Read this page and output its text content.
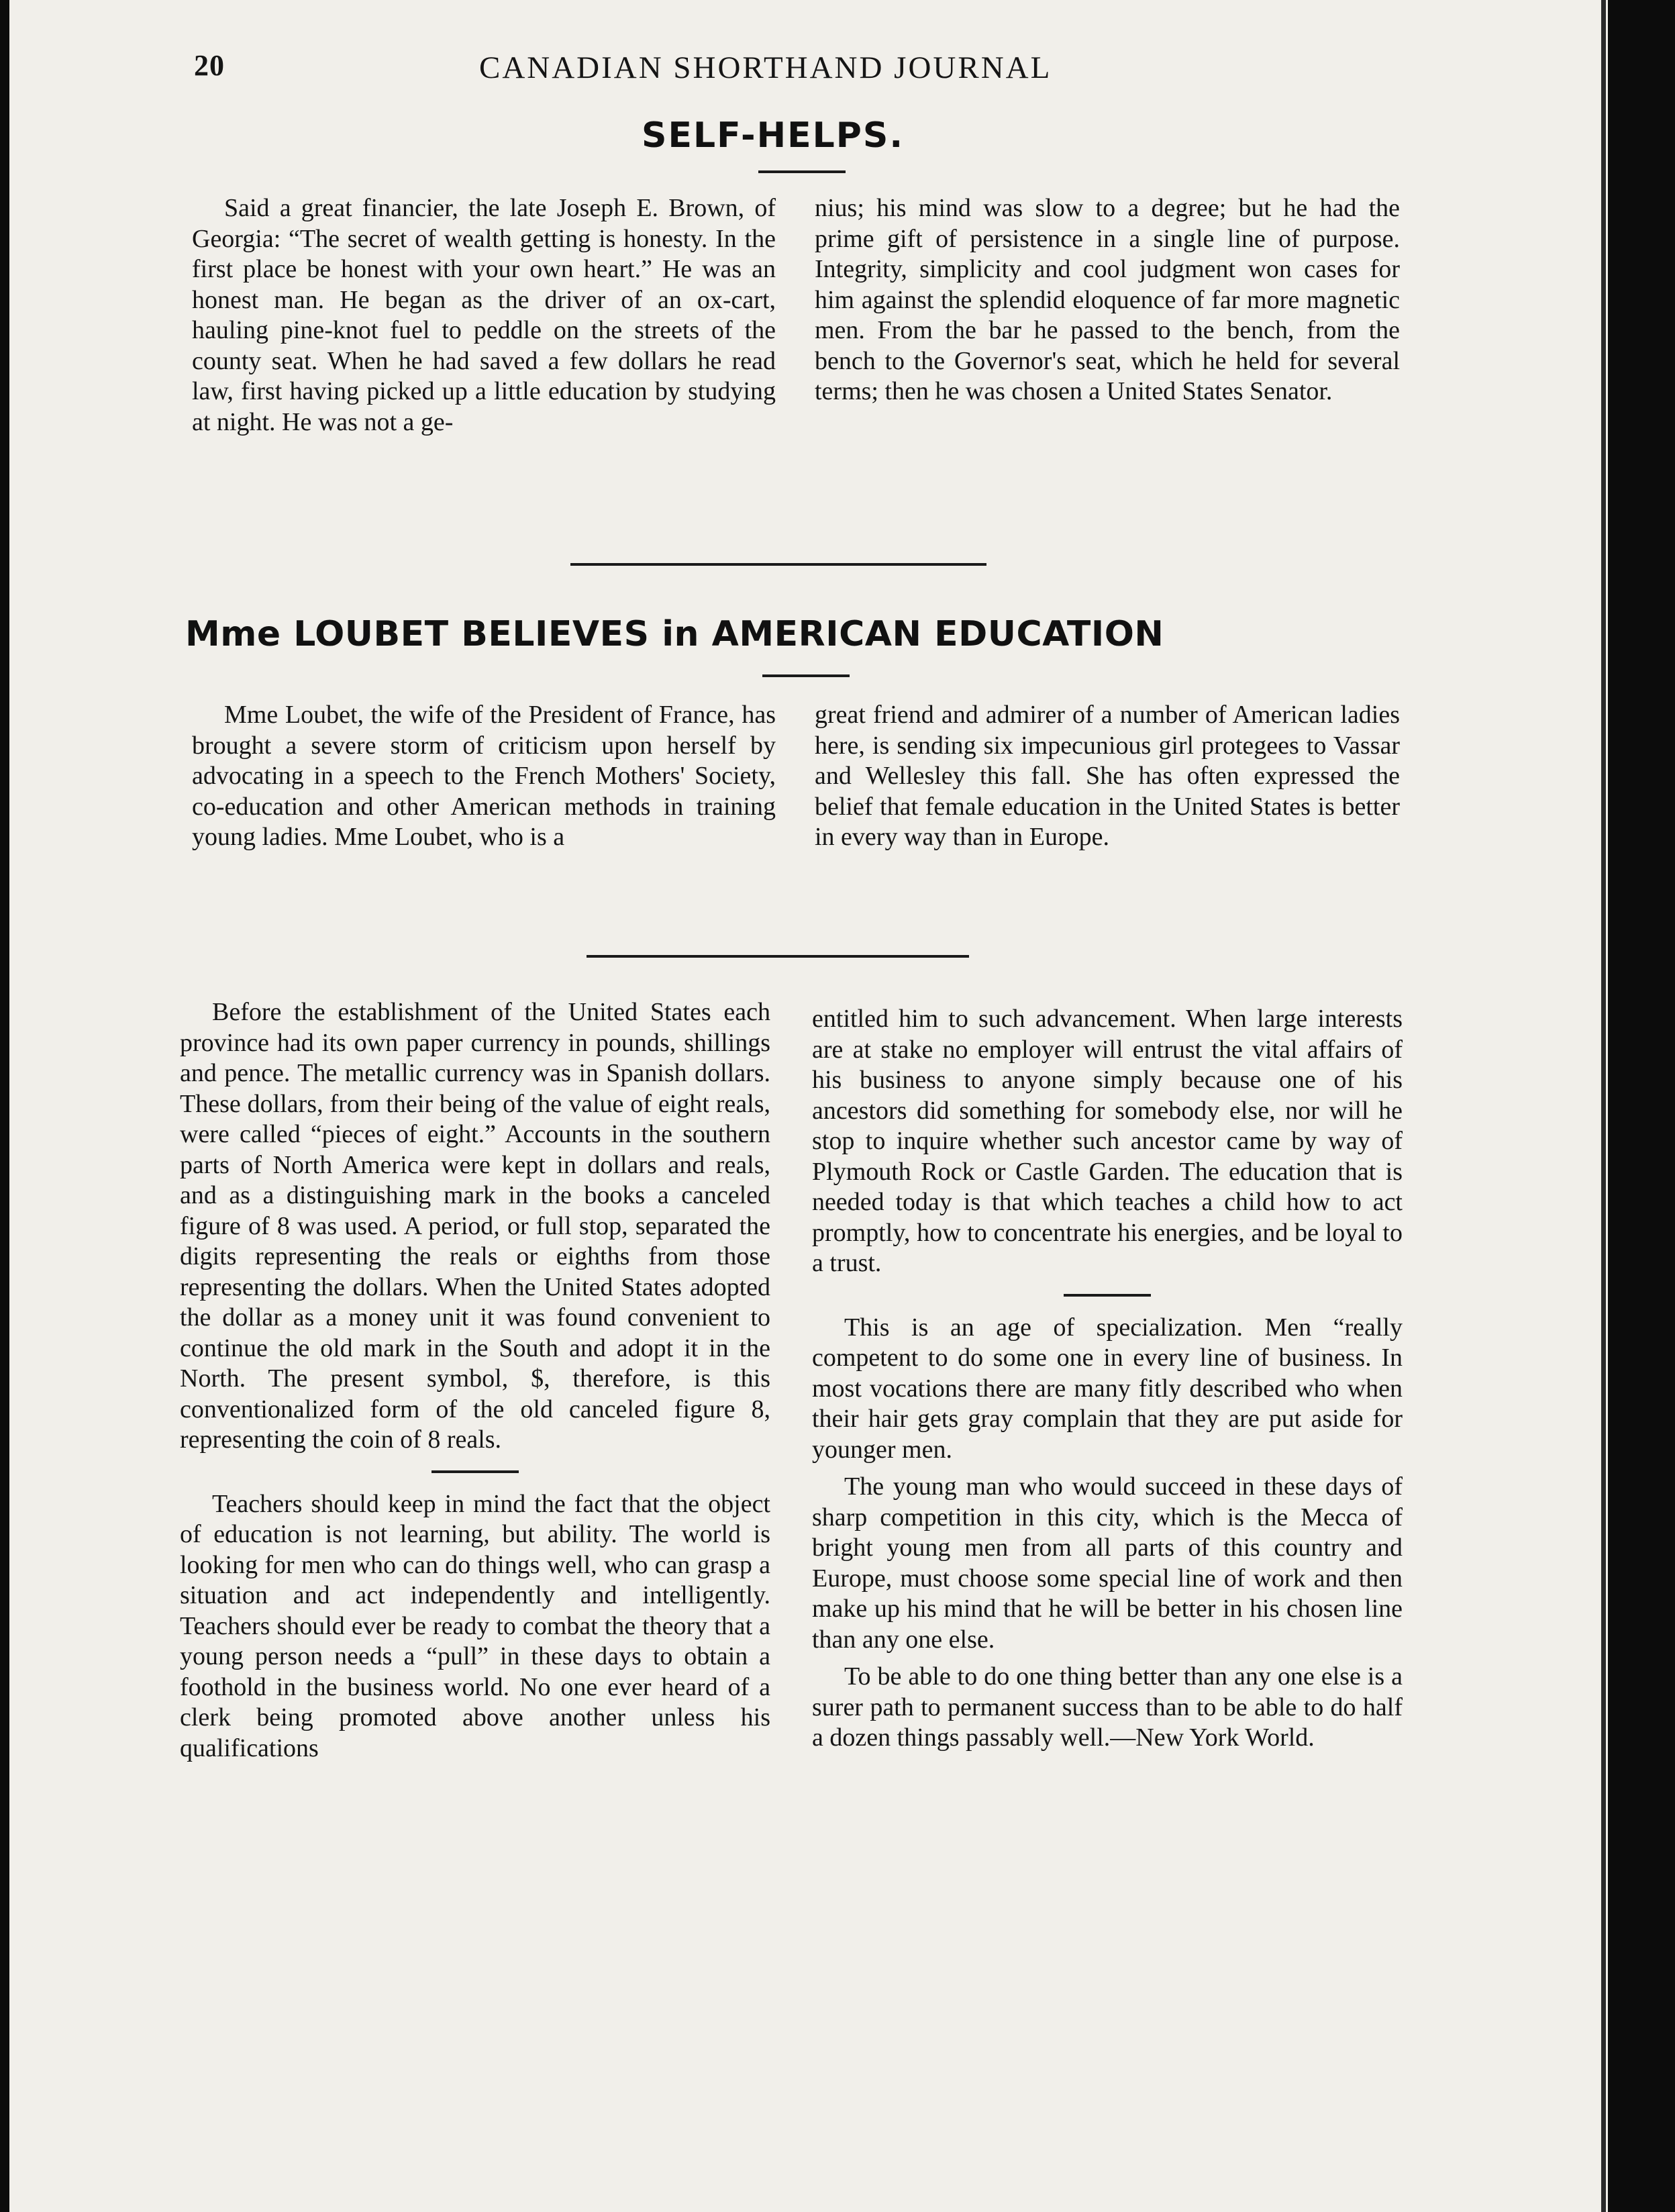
20	CANADIAN SHORTHAND JOURNAL
SELF-HELPS.

Said a great financier, the late Joseph E. Brown, of Georgia: “The secret of wealth getting is honesty. In the first place be honest with your own heart.” He was an honest man. He began as the driver of an ox-cart, hauling pine-knot fuel to peddle on the streets of the county seat. When he had saved a few dollars he read law, first having picked up a little education by studying at night. He was not a ge-

nius; his mind was slow to a degree; but he had the prime gift of persistence in a single line of purpose. Integrity, simplicity and cool judgment won cases for him against the splendid eloquence of far more magnetic men. From the bar he passed to the bench, from the bench to the Governor's seat, which he held for several terms; then he was chosen a United States Senator.

Mme LOUBET BELIEVES in AMERICAN EDUCATION

Mme Loubet, the wife of the President of France, has brought a severe storm of criticism upon herself by advocating in a speech to the French Mothers' Society, co-education and other American methods in training young ladies. Mme Loubet, who is a

great friend and admirer of a number of American ladies here, is sending six impecunious girl protegees to Vassar and Wellesley this fall. She has often expressed the belief that female education in the United States is better in every way than in Europe.

Before the establishment of the United States each province had its own paper currency in pounds, shillings and pence. The metallic currency was in Spanish dollars. These dollars, from their being of the value of eight reals, were called “pieces of eight.” Accounts in the southern parts of North America were kept in dollars and reals, and as a distinguishing mark in the books a canceled figure of 8 was used. A period, or full stop, separated the digits representing the reals or eighths from those representing the dollars. When the United States adopted the dollar as a money unit it was found convenient to continue the old mark in the South and adopt it in the North. The present symbol, $, therefore, is this conventionalized form of the old canceled figure 8, representing the coin of 8 reals.

Teachers should keep in mind the fact that the object of education is not learning, but ability. The world is looking for men who can do things well, who can grasp a situation and act independently and intelligently. Teachers should ever be ready to combat the theory that a young person needs a “pull” in these days to obtain a foothold in the business world. No one ever heard of a clerk being promoted above another unless his qualifications

entitled him to such advancement. When large interests are at stake no employer will entrust the vital affairs of his business to anyone simply because one of his ancestors did something for somebody else, nor will he stop to inquire whether such ancestor came by way of Plymouth Rock or Castle Garden. The education that is needed today is that which teaches a child how to act promptly, how to concentrate his energies, and be loyal to a trust.

This is an age of specialization. Men “really competent to do some one in every line of business. In most vocations there are many fitly described who when their hair gets gray complain that they are put aside for younger men.

The young man who would succeed in these days of sharp competition in this city, which is the Mecca of bright young men from all parts of this country and Europe, must choose some special line of work and then make up his mind that he will be better in his chosen line than any one else.

To be able to do one thing better than any one else is a surer path to permanent success than to be able to do half a dozen things passably well.—New York World.
